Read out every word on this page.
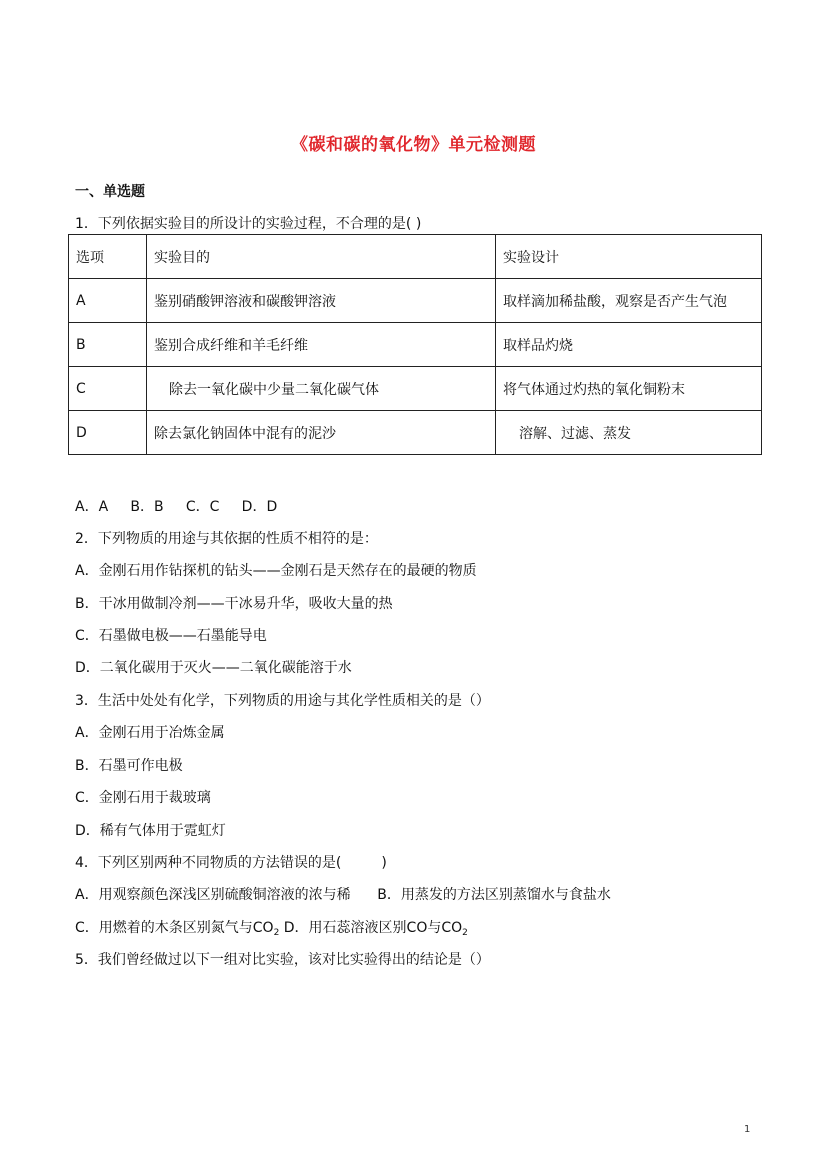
《碳和碳的氧化物》单元检测题
一、单选题
1．下列依据实验目的所设计的实验过程，不合理的是( )
选项	实验目的	实验设计
A	鉴别硝酸钾溶液和碳酸钾溶液	取样滴加稀盐酸，观察是否产生气泡
B	鉴别合成纤维和羊毛纤维	取样品灼烧
C	除去一氧化碳中少量二氧化碳气体	将气体通过灼热的氧化铜粉末
D	除去氯化钠固体中混有的泥沙	溶解、过滤、蒸发
A．A     B．B     C．C     D．D
2．下列物质的用途与其依据的性质不相符的是：
A．金刚石用作钻探机的钻头——金刚石是天然存在的最硬的物质
B．干冰用做制冷剂——干冰易升华，吸收大量的热
C．石墨做电极——石墨能导电
D．二氧化碳用于灭火——二氧化碳能溶于水
3．生活中处处有化学，下列物质的用途与其化学性质相关的是（）
A．金刚石用于冶炼金属
B．石墨可作电极
C．金刚石用于裁玻璃
D．稀有气体用于霓虹灯
4．下列区别两种不同物质的方法错误的是(         )
A．用观察颜色深浅区别硫酸铜溶液的浓与稀      B．用蒸发的方法区别蒸馏水与食盐水
C．用燃着的木条区别氮气与$CO_2$ D．用石蕊溶液区别CO与$CO_2$
5．我们曾经做过以下一组对比实验，该对比实验得出的结论是（）
1
